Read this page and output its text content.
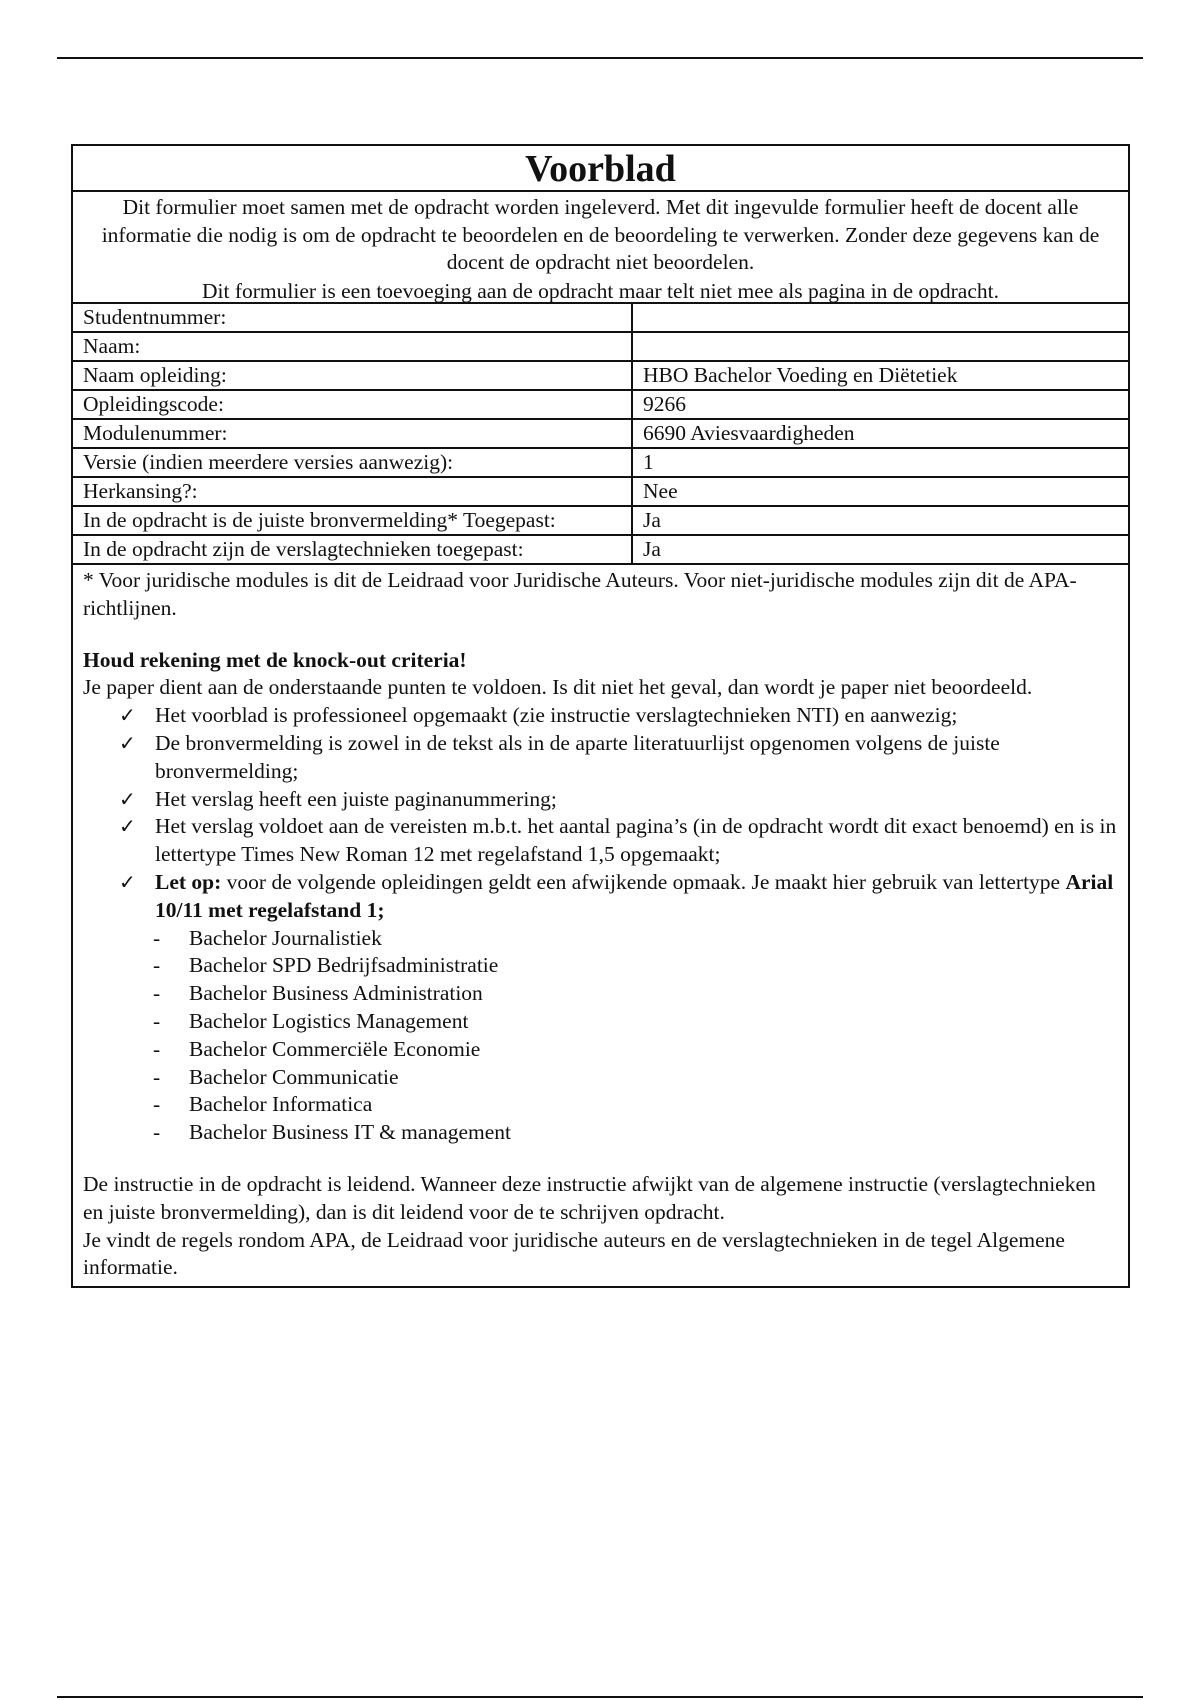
Voorblad

Dit formulier moet samen met de opdracht worden ingeleverd. Met dit ingevulde formulier heeft de docent alle informatie die nodig is om de opdracht te beoordelen en de beoordeling te verwerken. Zonder deze gegevens kan de docent de opdracht niet beoordelen.

Dit formulier is een toevoeging aan de opdracht maar telt niet mee als pagina in de opdracht.

Studentnummer:	
Naam:	
Naam opleiding:	HBO Bachelor Voeding en Diëtetiek
Opleidingscode:	9266
Modulenummer:	6690 Aviesvaardigheden
Versie (indien meerdere versies aanwezig):	1
Herkansing?:	Nee
In de opdracht is de juiste bronvermelding* Toegepast:	Ja
In de opdracht zijn de verslagtechnieken toegepast:	Ja

* Voor juridische modules is dit de Leidraad voor Juridische Auteurs. Voor niet-juridische modules zijn dit de APA-richtlijnen.

Houd rekening met de knock-out criteria!

Je paper dient aan de onderstaande punten te voldoen. Is dit niet het geval, dan wordt je paper niet beoordeeld.

✓ Het voorblad is professioneel opgemaakt (zie instructie verslagtechnieken NTI) en aanwezig;
✓ De bronvermelding is zowel in de tekst als in de aparte literatuurlijst opgenomen volgens de juiste bronvermelding;
✓ Het verslag heeft een juiste paginanummering;
✓ Het verslag voldoet aan de vereisten m.b.t. het aantal pagina’s (in de opdracht wordt dit exact benoemd) en is in lettertype Times New Roman 12 met regelafstand 1,5 opgemaakt;
✓ Let op: voor de volgende opleidingen geldt een afwijkende opmaak. Je maakt hier gebruik van lettertype Arial 10/11 met regelafstand 1;
- Bachelor Journalistiek
- Bachelor SPD Bedrijfsadministratie
- Bachelor Business Administration
- Bachelor Logistics Management
- Bachelor Commerciële Economie
- Bachelor Communicatie
- Bachelor Informatica
- Bachelor Business IT & management

De instructie in de opdracht is leidend. Wanneer deze instructie afwijkt van de algemene instructie (verslagtechnieken en juiste bronvermelding), dan is dit leidend voor de te schrijven opdracht.

Je vindt de regels rondom APA, de Leidraad voor juridische auteurs en de verslagtechnieken in de tegel Algemene informatie.
